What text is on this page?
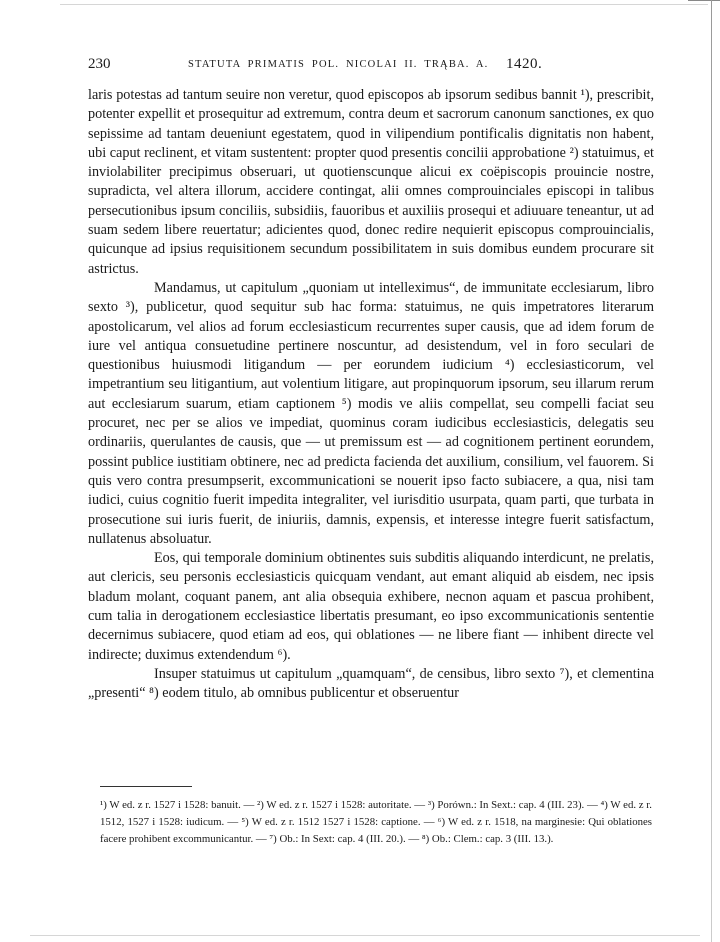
230	STATUTA PRIMATIS POL. NICOLAI II. TRĄBA. A. 1420.

laris potestas ad tantum seuire non veretur, quod episcopos ab ipsorum sedibus bannit ¹), prescribit, potenter expellit et prosequitur ad extremum, contra deum et sacrorum canonum sanctiones, ex quo sepissime ad tantam deueniunt egestatem, quod in vilipendium pontificalis dignitatis non habent, ubi caput reclinent, et vitam sustentent: propter quod presentis concilii approbatione ²) statuimus, et inviolabiliter precipimus obseruari, ut quotienscunque alicui ex coëpiscopis prouincie nostre, supradicta, vel altera illorum, accidere contingat, alii omnes comprouinciales episcopi in talibus persecutionibus ipsum conciliis, subsidiis, fauoribus et auxiliis prosequi et adiuuare teneantur, ut ad suam sedem libere reuertatur; adicientes quod, donec redire nequierit episcopus comprouincialis, quicunque ad ipsius requisitionem secundum possibilitatem in suis domibus eundem procurare sit astrictus.

Mandamus, ut capitulum „quoniam ut intelleximus“, de immunitate ecclesiarum, libro sexto ³), publicetur, quod sequitur sub hac forma: statuimus, ne quis impetratores literarum apostolicarum, vel alios ad forum ecclesiasticum recurrentes super causis, que ad idem forum de iure vel antiqua consuetudine pertinere noscuntur, ad desistendum, vel in foro seculari de questionibus huiusmodi litigandum — per eorundem iudicium ⁴) ecclesiasticorum, vel impetrantium seu litigantium, aut volentium litigare, aut propinquorum ipsorum, seu illarum rerum aut ecclesiarum suarum, etiam captionem ⁵) modis ve aliis compellat, seu compelli faciat seu procuret, nec per se alios ve impediat, quominus coram iudicibus ecclesiasticis, delegatis seu ordinariis, querulantes de causis, que — ut premissum est — ad cognitionem pertinent eorundem, possint publice iustitiam obtinere, nec ad predicta facienda det auxilium, consilium, vel fauorem. Si quis vero contra presumpserit, excommunicationi se nouerit ipso facto subiacere, a qua, nisi tam iudici, cuius cognitio fuerit impedita integraliter, vel iurisditio usurpata, quam parti, que turbata in prosecutione sui iuris fuerit, de iniuriis, damnis, expensis, et interesse integre fuerit satisfactum, nullatenus absoluatur.

Eos, qui temporale dominium obtinentes suis subditis aliquando interdicunt, ne prelatis, aut clericis, seu personis ecclesiasticis quicquam vendant, aut emant aliquid ab eisdem, nec ipsis bladum molant, coquant panem, ant alia obsequia exhibere, necnon aquam et pascua prohibent, cum talia in derogationem ecclesiastice libertatis presumant, eo ipso excommunicationis sententie decernimus subiacere, quod etiam ad eos, qui oblationes — ne libere fiant — inhibent directe vel indirecte; duximus extendendum ⁶).

Insuper statuimus ut capitulum „quamquam“, de censibus, libro sexto ⁷), et clementina „presenti“ ⁸) eodem titulo, ab omnibus publicentur et obseruentur

¹) W ed. z r. 1527 i 1528: banuit. — ²) W ed. z r. 1527 i 1528: autoritate. — ³) Porówn.: In Sext.: cap. 4 (III. 23). — ⁴) W ed. z r. 1512, 1527 i 1528: iudicum. — ⁵) W ed. z r. 1512 1527 i 1528: captione. — ⁶) W ed. z r. 1518, na marginesie: Qui oblationes facere prohibent excommunicantur. — ⁷) Ob.: In Sext: cap. 4 (III. 20.). — ⁸) Ob.: Clem.: cap. 3 (III. 13.).
